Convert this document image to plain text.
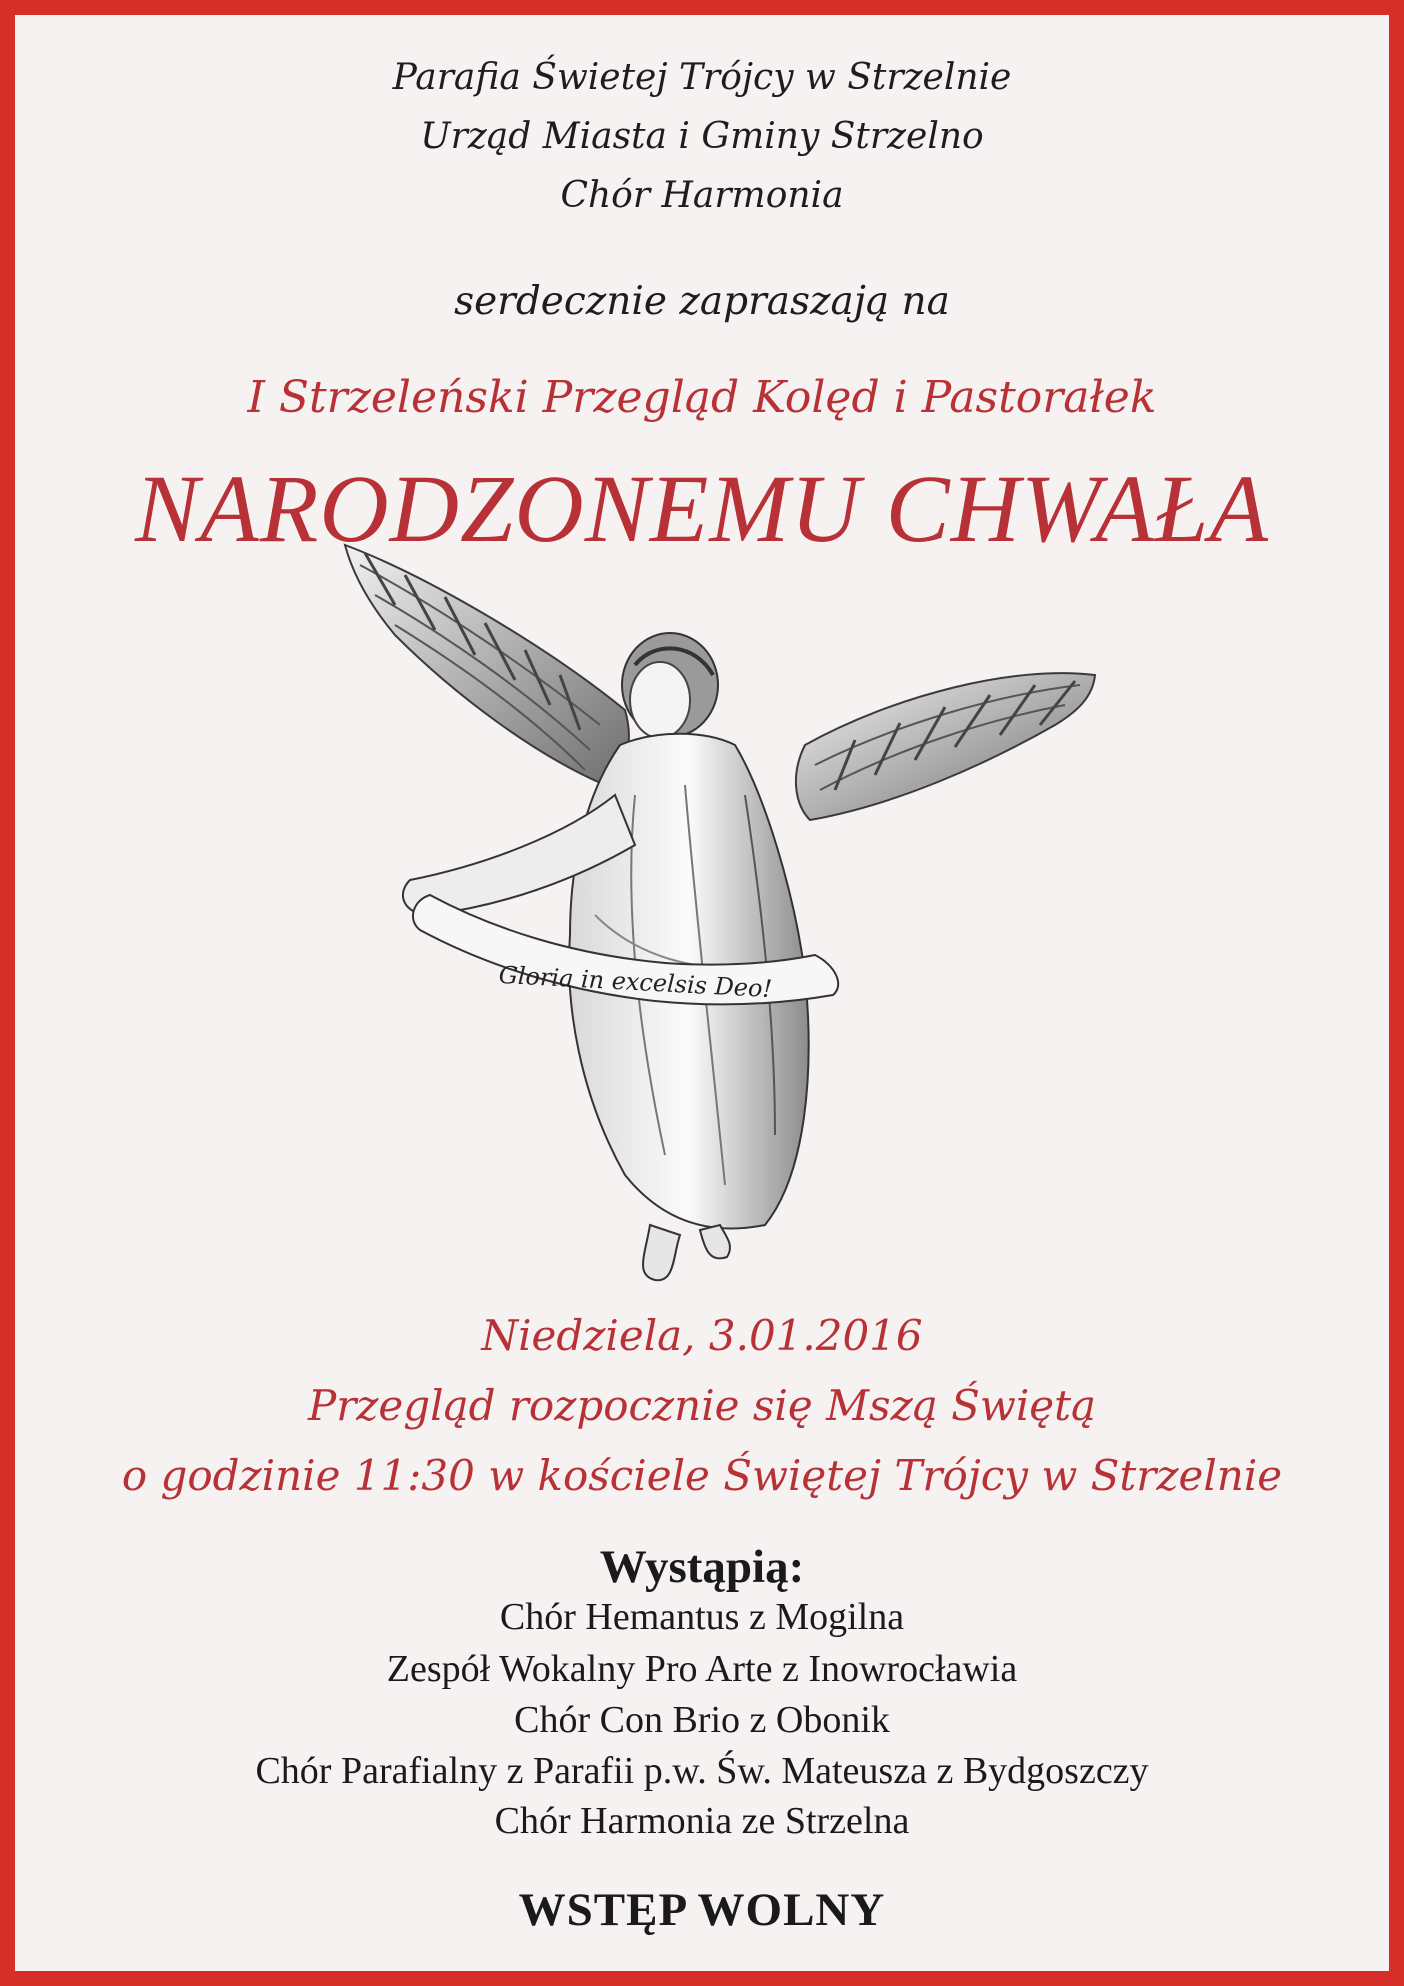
Parafia Świetej Trójcy w Strzelnie
Urząd Miasta i Gminy Strzelno
Chór Harmonia
serdecznie zapraszają na
I Strzeleński Przegląd Kolęd i Pastorałek
NARODZONEMU CHWAŁA
Gloria in excelsis Deo!
Niedziela, 3.01.2016
Przegląd rozpocznie się Mszą Świętą
o godzinie 11:30 w kościele Świętej Trójcy w Strzelnie
Wystąpią:
Chór Hemantus z Mogilna
Zespół Wokalny Pro Arte z Inowrocławia
Chór Con Brio z Obonik
Chór Parafialny z Parafii p.w. Św. Mateusza z Bydgoszczy
Chór Harmonia ze Strzelna
WSTĘP WOLNY
